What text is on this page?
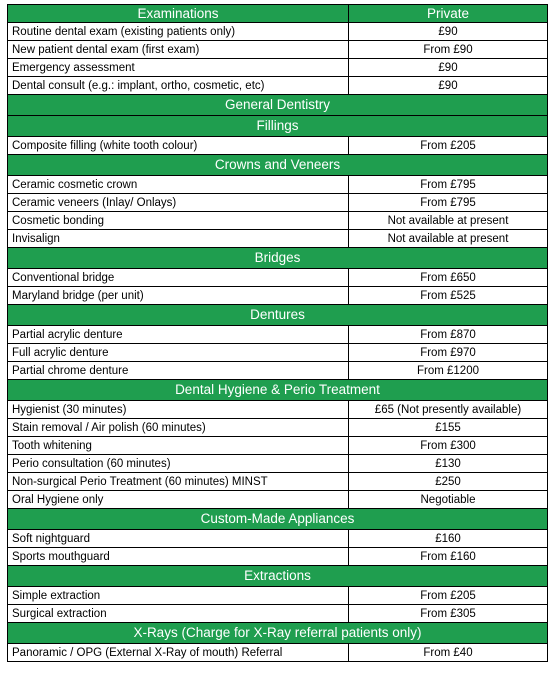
Examinations	Private
Routine dental exam (existing patients only)	£90
New patient dental exam (first exam)	From £90
Emergency assessment	£90
Dental consult (e.g.: implant, ortho, cosmetic, etc)	£90
General Dentistry	
Fillings	
Composite filling (white tooth colour)	From £205
Crowns and Veneers	
Ceramic cosmetic crown	From £795
Ceramic veneers (Inlay/ Onlays)	From £795
Cosmetic bonding	Not available at present
Invisalign	Not available at present
Bridges	
Conventional bridge	From £650
Maryland bridge (per unit)	From £525
Dentures	
Partial acrylic denture	From £870
Full acrylic denture	From £970
Partial chrome denture	From £1200
Dental Hygiene & Perio Treatment	
Hygienist (30 minutes)	£65 (Not presently available)
Stain removal / Air polish (60 minutes)	£155
Tooth whitening	From £300
Perio consultation (60 minutes)	£130
Non-surgical Perio Treatment (60 minutes) MINST	£250
Oral Hygiene only	Negotiable
Custom-Made Appliances	
Soft nightguard	£160
Sports mouthguard	From £160
Extractions	
Simple extraction	From £205
Surgical extraction	From £305
X-Rays (Charge for X-Ray referral patients only)	
Panoramic / OPG (External X-Ray of mouth) Referral	From £40
